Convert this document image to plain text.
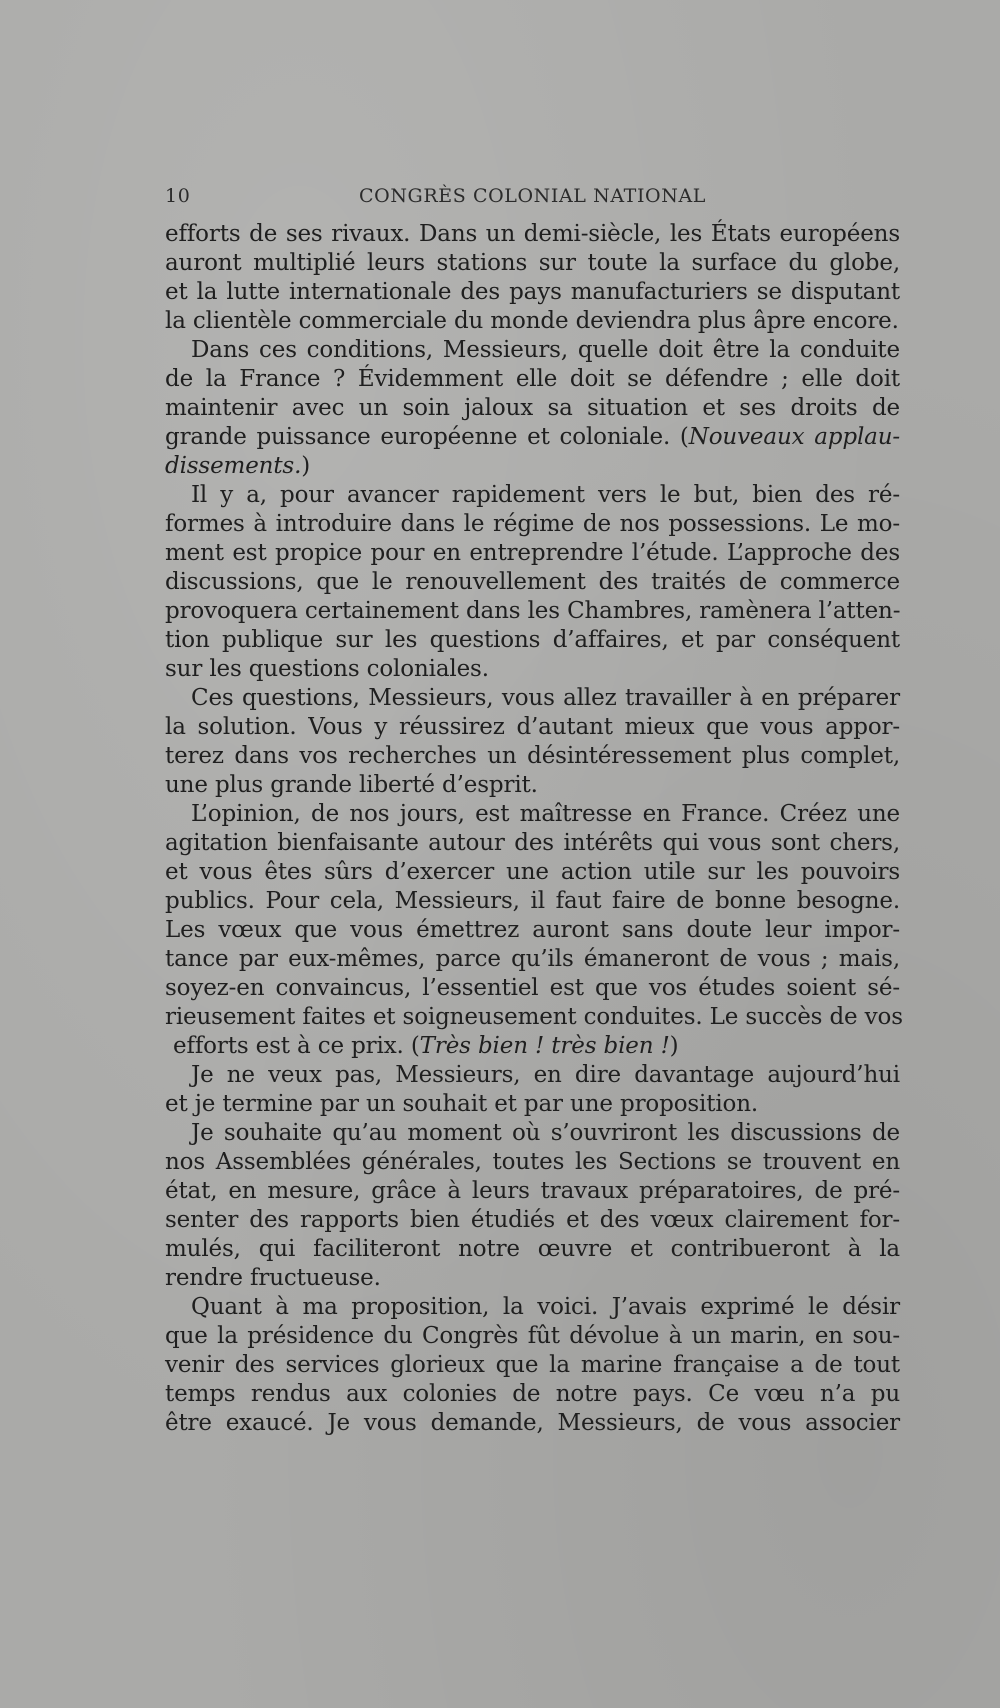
10	CONGRÈS COLONIAL NATIONAL
efforts de ses rivaux. Dans un demi-siècle, les États européens
auront multiplié leurs stations sur toute la surface du globe,
et la lutte internationale des pays manufacturiers se disputant
la clientèle commerciale du monde deviendra plus âpre encore.
Dans ces conditions, Messieurs, quelle doit être la conduite
de la France ? Évidemment elle doit se défendre ; elle doit
maintenir avec un soin jaloux sa situation et ses droits de
grande puissance européenne et coloniale. (Nouveaux applau-
dissements.)
Il y a, pour avancer rapidement vers le but, bien des ré-
formes à introduire dans le régime de nos possessions. Le mo-
ment est propice pour en entreprendre l’étude. L’approche des
discussions, que le renouvellement des traités de commerce
provoquera certainement dans les Chambres, ramènera l’atten-
tion publique sur les questions d’affaires, et par conséquent
sur les questions coloniales.
Ces questions, Messieurs, vous allez travailler à en préparer
la solution. Vous y réussirez d’autant mieux que vous appor-
terez dans vos recherches un désintéressement plus complet,
une plus grande liberté d’esprit.
L’opinion, de nos jours, est maîtresse en France. Créez une
agitation bienfaisante autour des intérêts qui vous sont chers,
et vous êtes sûrs d’exercer une action utile sur les pouvoirs
publics. Pour cela, Messieurs, il faut faire de bonne besogne.
Les vœux que vous émettrez auront sans doute leur impor-
tance par eux-mêmes, parce qu’ils émaneront de vous ; mais,
soyez-en convaincus, l’essentiel est que vos études soient sé-
rieusement faites et soigneusement conduites. Le succès de vos
efforts est à ce prix. (Très bien ! très bien !)
Je ne veux pas, Messieurs, en dire davantage aujourd’hui
et je termine par un souhait et par une proposition.
Je souhaite qu’au moment où s’ouvriront les discussions de
nos Assemblées générales, toutes les Sections se trouvent en
état, en mesure, grâce à leurs travaux préparatoires, de pré-
senter des rapports bien étudiés et des vœux clairement for-
mulés, qui faciliteront notre œuvre et contribueront à la
rendre fructueuse.
Quant à ma proposition, la voici. J’avais exprimé le désir
que la présidence du Congrès fût dévolue à un marin, en sou-
venir des services glorieux que la marine française a de tout
temps rendus aux colonies de notre pays. Ce vœu n’a pu
être exaucé. Je vous demande, Messieurs, de vous associer
